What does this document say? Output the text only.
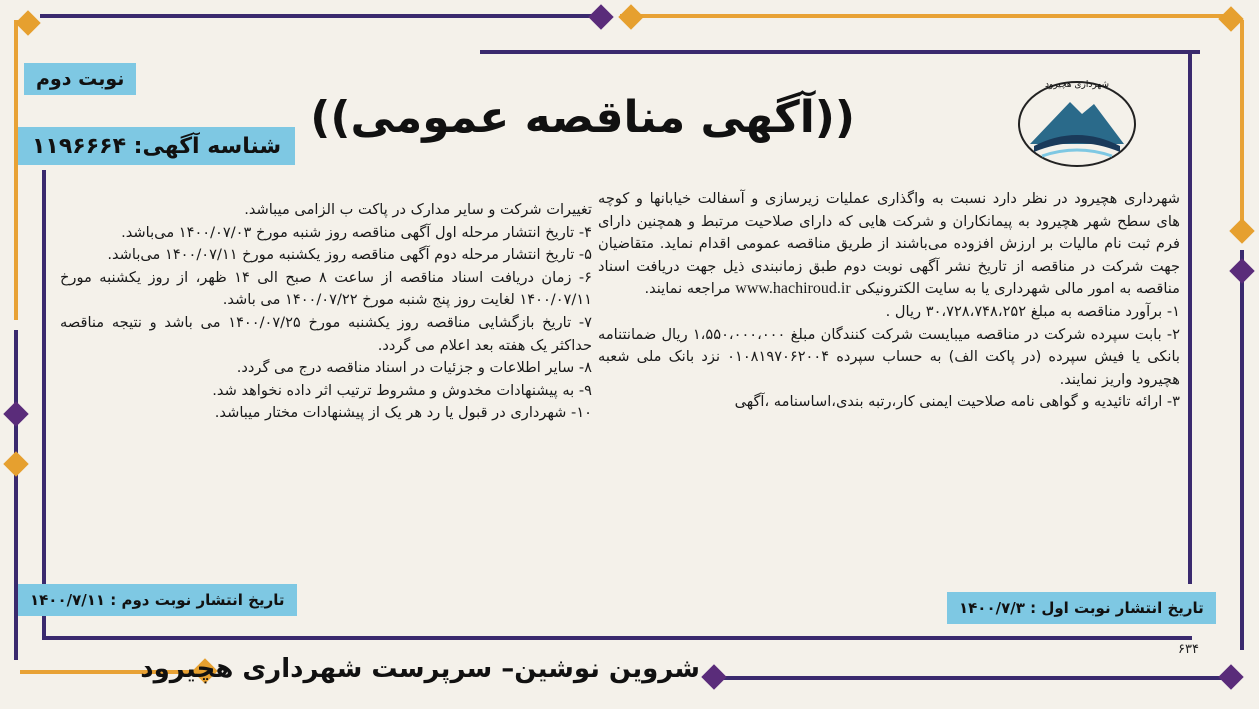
نوبت دوم
شناسه آگهی: ۱۱۹۶۶۶۴
((آگهی مناقصه عمومی))
شهرداری هچیرود

شهرداری هچیرود در نظر دارد نسبت به واگذاری عملیات زیرسازی و آسفالت خیابانها و کوچه های سطح شهر هچیرود به پیمانکاران و شرکت هایی که دارای صلاحیت مرتبط و همچنین دارای فرم ثبت نام مالیات بر ارزش افزوده می‌باشند از طریق مناقصه عمومی اقدام نماید. متقاضیان جهت شرکت در مناقصه از تاریخ نشر آگهی نوبت دوم طبق زمانبندی ذیل جهت دریافت اسناد مناقصه به امور مالی شهرداری یا به سایت الکترونیکی www.hachiroud.ir مراجعه نمایند.

۱- برآورد مناقصه به مبلغ ۳۰،۷۲۸،۷۴۸،۲۵۲ ریال .

۲- بابت سپرده شرکت در مناقصه میبایست شرکت کنندگان مبلغ ۱،۵۵۰،۰۰۰،۰۰۰ ریال ضمانتنامه بانکی یا فیش سپرده (در پاکت الف) به حساب سپرده ۰۱۰۸۱۹۷۰۶۲۰۰۴ نزد بانک ملی شعبه هچیرود واریز نمایند.

۳- ارائه تائیدیه و گواهی نامه صلاحیت ایمنی کار،رتبه بندی،اساسنامه ،آگهی

تغییرات شرکت و سایر مدارک در پاکت ب الزامی میباشد.

۴- تاریخ انتشار مرحله اول آگهی مناقصه روز شنبه مورخ ۱۴۰۰/۰۷/۰۳ می‌باشد.

۵- تاریخ انتشار مرحله دوم آگهی مناقصه روز یکشنبه مورخ ۱۴۰۰/۰۷/۱۱ می‌باشد.

۶- زمان دریافت اسناد مناقصه از ساعت ۸ صبح الی ۱۴ ظهر، از روز یکشنبه مورخ ۱۴۰۰/۰۷/۱۱ لغایت روز پنج شنبه مورخ ۱۴۰۰/۰۷/۲۲ می باشد.

۷- تاریخ بازگشایی مناقصه روز یکشنبه مورخ ۱۴۰۰/۰۷/۲۵ می باشد و نتیجه مناقصه حداکثر یک هفته بعد اعلام می گردد.

۸- سایر اطلاعات و جزئیات در اسناد مناقصه درج می گردد.

۹- به پیشنهادات مخدوش و مشروط ترتیب اثر داده نخواهد شد.

۱۰- شهرداری در قبول یا رد هر یک از پیشنهادات مختار میباشد.

تاریخ انتشار نوبت دوم : ۱۴۰۰/۷/۱۱	تاریخ انتشار نوبت اول : ۱۴۰۰/۷/۳
۶۳۴
شروین نوشین– سرپرست شهرداری هچیرود
